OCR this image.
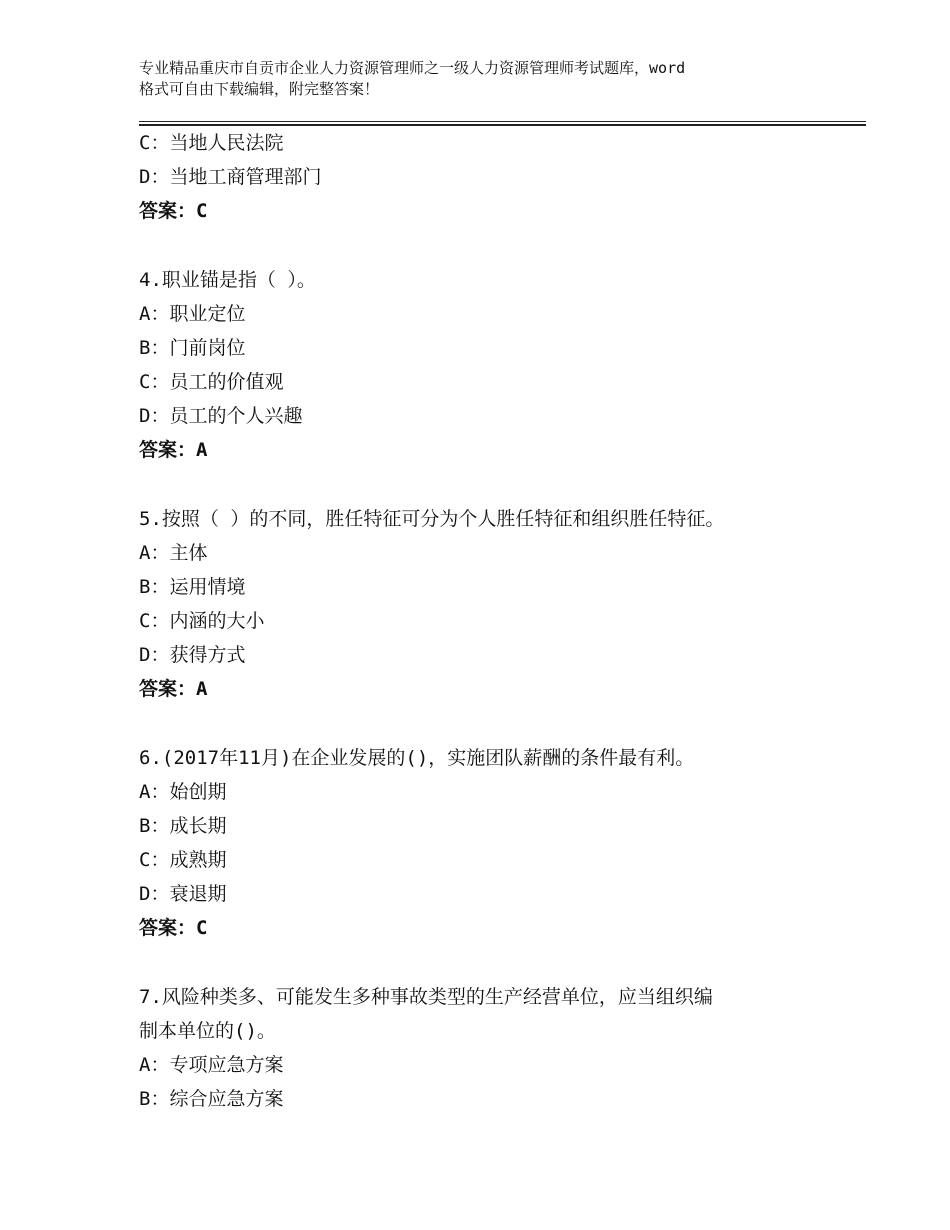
专业精品重庆市自贡市企业人力资源管理师之一级人力资源管理师考试题库，word
格式可自由下载编辑，附完整答案！
C：当地人民法院
D：当地工商管理部门
答案：C
4.职业锚是指（ ）。
A：职业定位
B：门前岗位
C：员工的价值观
D：员工的个人兴趣
答案：A
5.按照（ ）的不同，胜任特征可分为个人胜任特征和组织胜任特征。
A：主体
B：运用情境
C：内涵的大小
D：获得方式
答案：A
6.(2017年11月)在企业发展的()，实施团队薪酬的条件最有利。
A：始创期
B：成长期
C：成熟期
D：衰退期
答案：C
7.风险种类多、可能发生多种事故类型的生产经营单位，应当组织编
制本单位的()。
A：专项应急方案
B：综合应急方案
